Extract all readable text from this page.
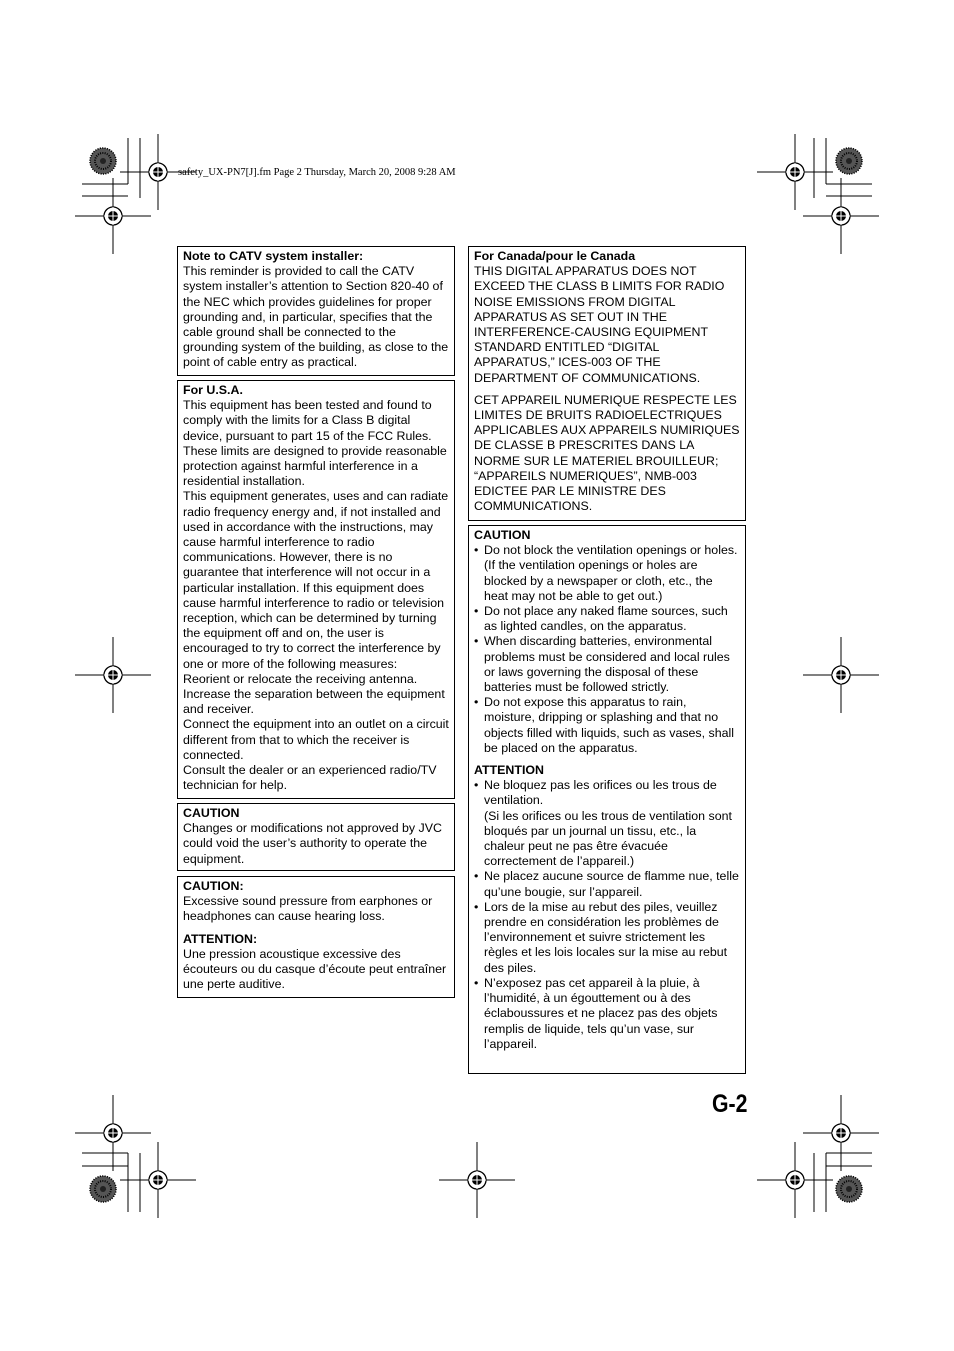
safety_UX-PN7[J].fm Page 2 Thursday, March 20, 2008 9:28 AM

Note to CATV system installer:

This reminder is provided to call the CATV system installer’s attention to Section 820-40 of the NEC which provides guidelines for proper grounding and, in particular, specifies that the cable ground shall be connected to the grounding system of the building, as close to the point of cable entry as practical.

For U.S.A.

This equipment has been tested and found to comply with the limits for a Class B digital device, pursuant to part 15 of the FCC Rules. These limits are designed to provide reasonable protection against harmful interference in a residential installation.

This equipment generates, uses and can radiate radio frequency energy and, if not installed and used in accordance with the instructions, may cause harmful interference to radio communications. However, there is no guarantee that interference will not occur in a particular installation. If this equipment does cause harmful interference to radio or television reception, which can be determined by turning the equipment off and on, the user is encouraged to try to correct the interference by one or more of the following measures:

Reorient or relocate the receiving antenna.

Increase the separation between the equipment and receiver.

Connect the equipment into an outlet on a circuit different from that to which the receiver is connected.

Consult the dealer or an experienced radio/TV technician for help.

CAUTION

Changes or modifications not approved by JVC could void the user’s authority to operate the equipment.

CAUTION:

Excessive sound pressure from earphones or headphones can cause hearing loss.

ATTENTION:

Une pression acoustique excessive des écouteurs ou du casque d’écoute peut entraîner une perte auditive.

For Canada/pour le Canada

THIS DIGITAL APPARATUS DOES NOT EXCEED THE CLASS B LIMITS FOR RADIO NOISE EMISSIONS FROM DIGITAL APPARATUS AS SET OUT IN THE INTERFERENCE-CAUSING EQUIPMENT STANDARD ENTITLED “DIGITAL APPARATUS,” ICES-003 OF THE DEPARTMENT OF COMMUNICATIONS.

CET APPAREIL NUMERIQUE RESPECTE LES LIMITES DE BRUITS RADIOELECTRIQUES APPLICABLES AUX APPAREILS NUMIRIQUES DE CLASSE B PRESCRITES DANS LA NORME SUR LE MATERIEL BROUILLEUR; “APPAREILS NUMERIQUES”, NMB-003 EDICTEE PAR LE MINISTRE DES COMMUNICATIONS.

CAUTION

• Do not block the ventilation openings or holes.
(If the ventilation openings or holes are blocked by a newspaper or cloth, etc., the heat may not be able to get out.)
• Do not place any naked flame sources, such as lighted candles, on the apparatus.
• When discarding batteries, environmental problems must be considered and local rules or laws governing the disposal of these batteries must be followed strictly.
• Do not expose this apparatus to rain, moisture, dripping or splashing and that no objects filled with liquids, such as vases, shall be placed on the apparatus.

ATTENTION

• Ne bloquez pas les orifices ou les trous de ventilation.
(Si les orifices ou les trous de ventilation sont bloqués par un journal un tissu, etc., la chaleur peut ne pas être évacuée correctement de l’appareil.)
• Ne placez aucune source de flamme nue, telle qu’une bougie, sur l’appareil.
• Lors de la mise au rebut des piles, veuillez prendre en considération les problèmes de l’environnement et suivre strictement les règles et les lois locales sur la mise au rebut des piles.
• N’exposez pas cet appareil à la pluie, à l’humidité, à un égouttement ou à des éclaboussures et ne placez pas des objets remplis de liquide, tels qu’un vase, sur l’appareil.
G-2
